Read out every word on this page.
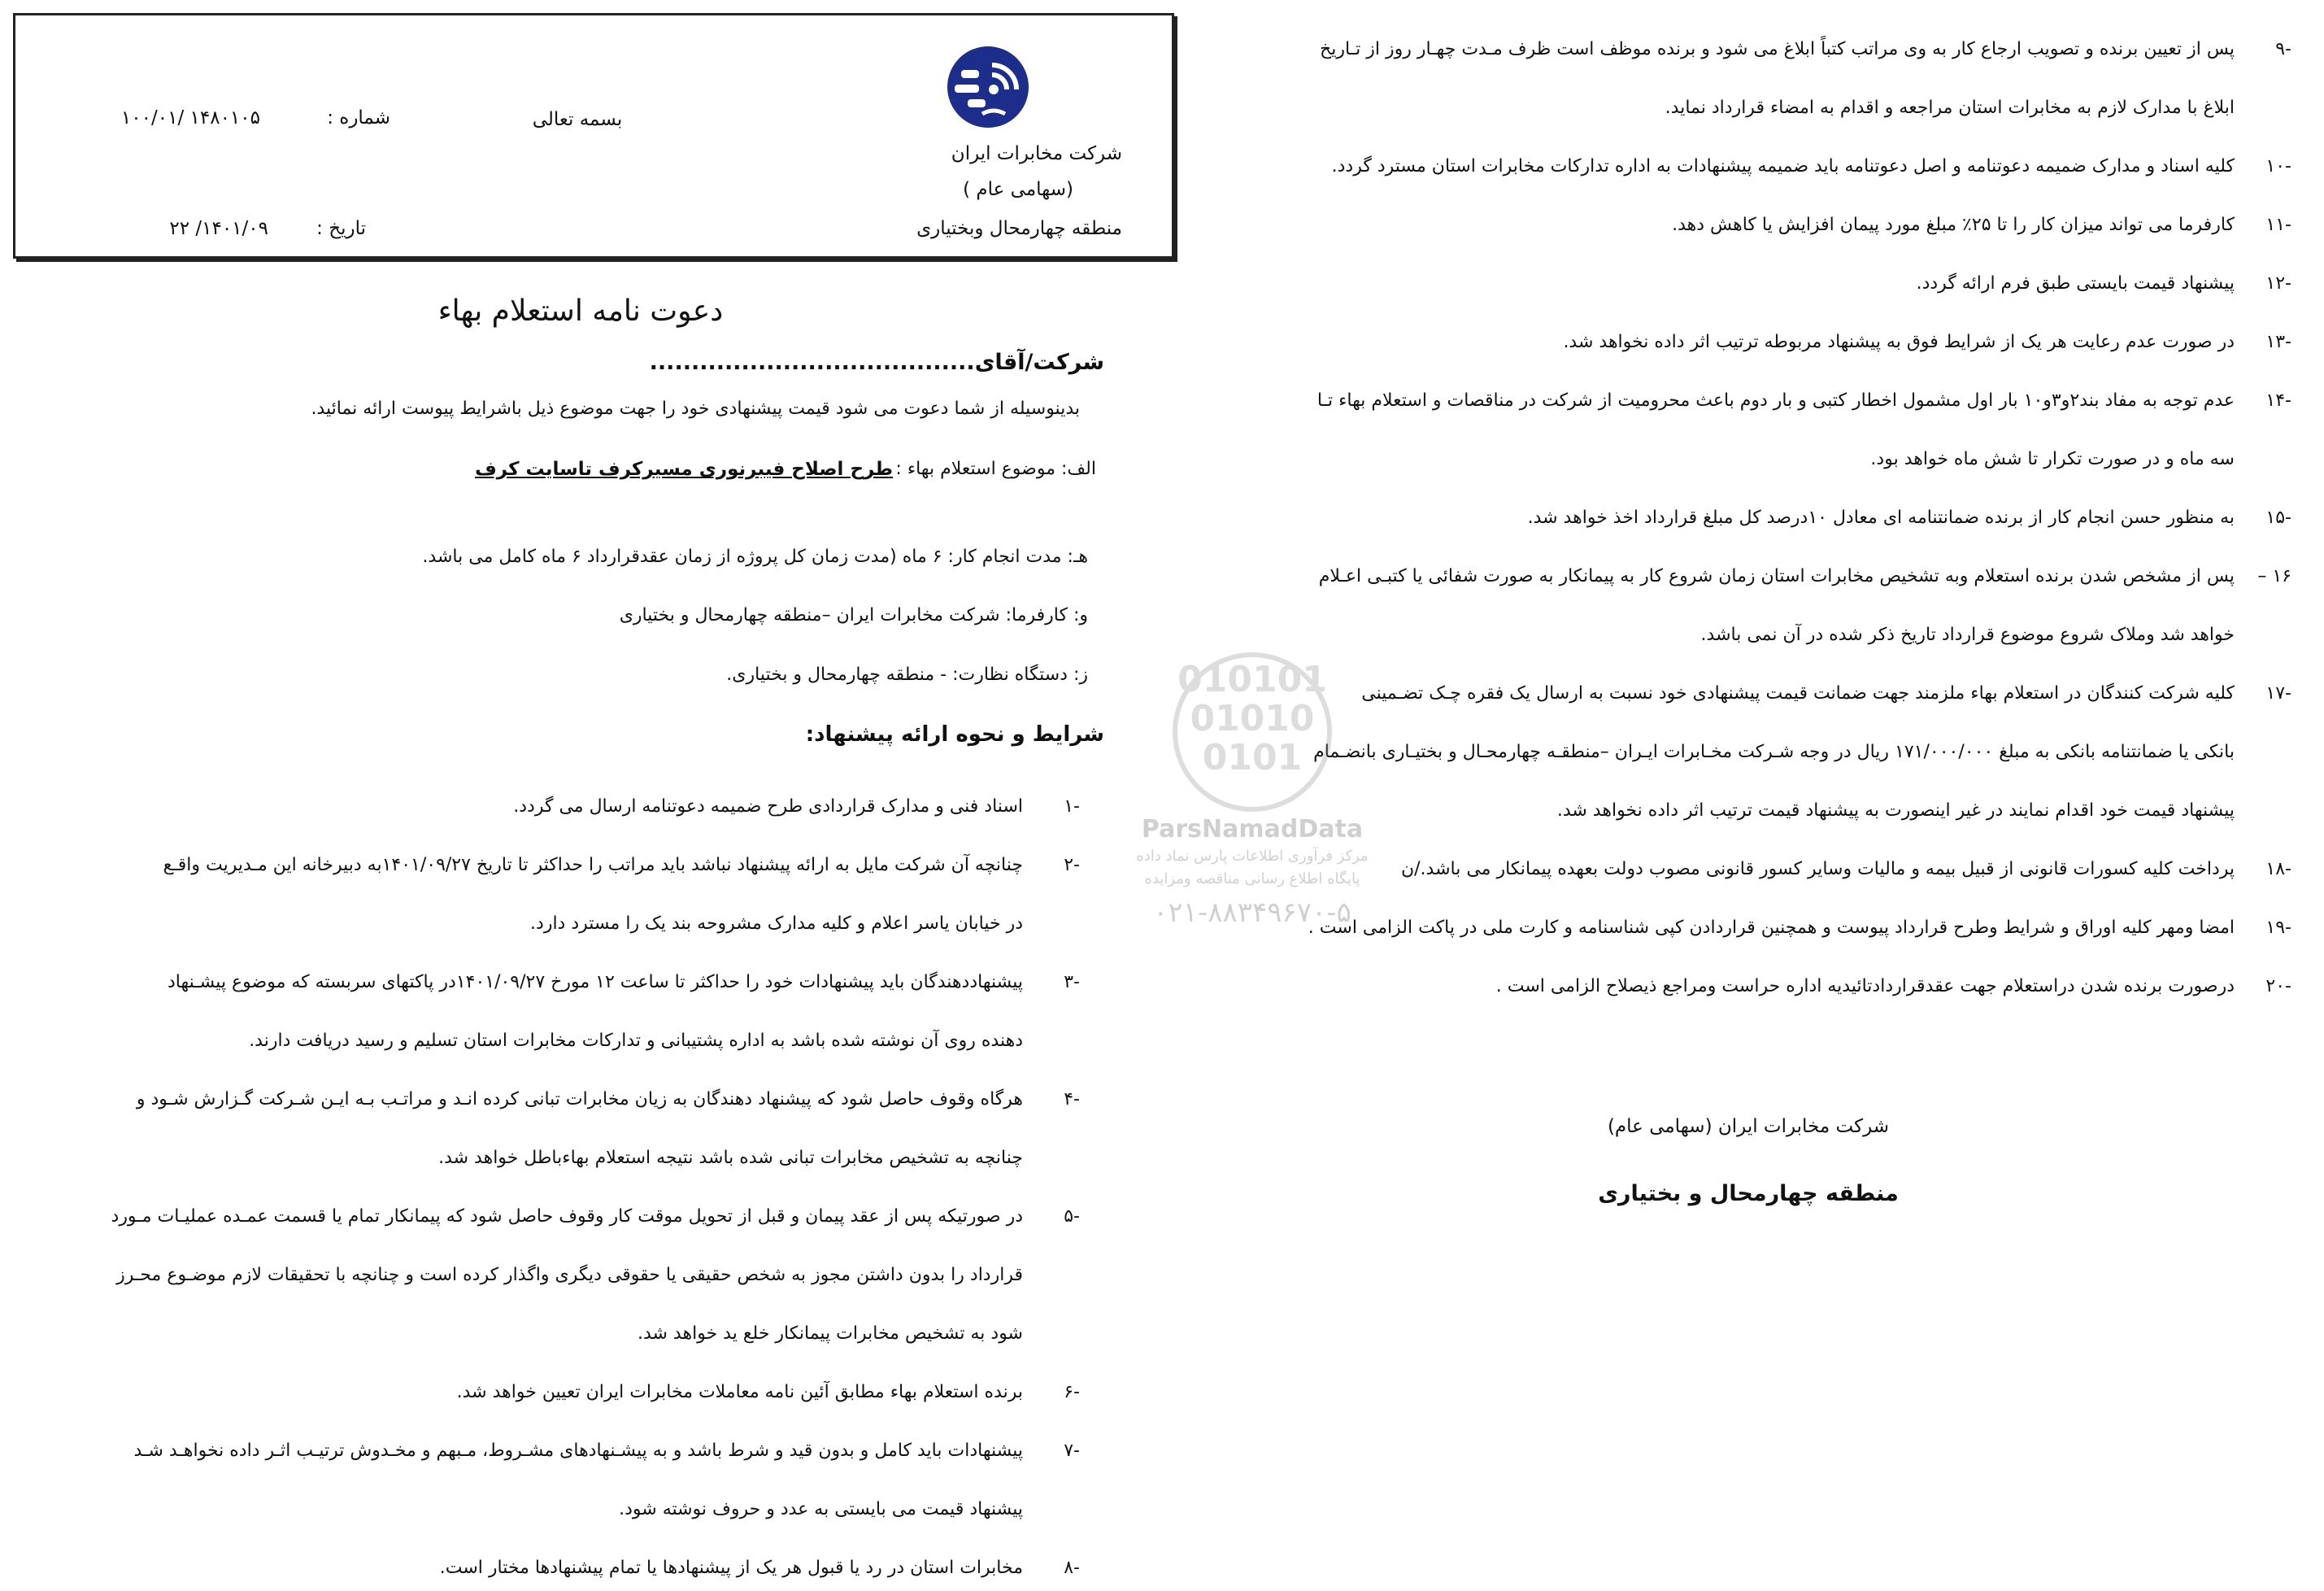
شرکت مخابرات ایران
(سهامی عام )
منطقه چهارمحال وبختیاری
بسمه تعالی
شماره :
۱۴۸۰۱۰۵ /۱۰۰/۰۱
تاریخ :
۱۴۰۱/۰۹/ ۲۲
دعوت نامه استعلام بهاء
شرکت/آقای.......................................
بدینوسیله از شما دعوت می شود قیمت پیشنهادی خود را جهت موضوع ذیل باشرایط پیوست ارائه نمائید.
الف: موضوع استعلام بهاء :
طرح اصلاح فیبرنوری مسیرکرف تاسایت کرف
هـ: مدت انجام کار: ۶ ماه (مدت زمان کل پروژه از زمان عقدقرارداد ۶ ماه کامل می باشد.
و: کارفرما: شرکت مخابرات ایران –منطقه چهارمحال و بختیاری
ز: دستگاه نظارت: - منطقه چهارمحال و بختیاری.
شرایط و نحوه ارائه پیشنهاد:
-۱
اسناد فنی و مدارک قراردادی طرح ضمیمه دعوتنامه ارسال می گردد.
-۲
چنانچه آن شرکت مایل به ارائه پیشنهاد نباشد باید مراتب را حداکثر تا تاریخ ۱۴۰۱/۰۹/۲۷به دبیرخانه این مـدیریت واقـع
در خیابان یاسر اعلام و کلیه مدارک مشروحه بند یک را مسترد دارد.
-۳
پیشنهاددهندگان باید پیشنهادات خود را حداکثر تا ساعت ۱۲ مورخ ۱۴۰۱/۰۹/۲۷در پاکتهای سربسته که موضوع پیشـنهاد
دهنده روی آن نوشته شده باشد به اداره پشتیبانی و تدارکات مخابرات استان تسلیم و رسید دریافت دارند.
-۴
هرگاه وقوف حاصل شود که پیشنهاد دهندگان به زیان مخابرات تبانی کرده انـد و مراتـب بـه ایـن شـرکت گـزارش شـود و
چنانچه به تشخیص مخابرات تبانی شده باشد نتیجه استعلام بهاءباطل خواهد شد.
-۵
در صورتیکه پس از عقد پیمان و قبل از تحویل موقت کار وقوف حاصل شود که پیمانکار تمام یا قسمت عمـده عملیـات مـورد
قرارداد را بدون داشتن مجوز به شخص حقیقی یا حقوقی دیگری واگذار کرده است و چنانچه با تحقیقات لازم موضـوع محـرز
شود به تشخیص مخابرات پیمانکار خلع ید خواهد شد.
-۶
برنده استعلام بهاء مطابق آئین نامه معاملات مخابرات ایران تعیین خواهد شد.
-۷
پیشنهادات باید کامل و بدون قید و شرط باشد و به پیشـنهادهای مشـروط، مـبهم و مخـدوش ترتیـب اثـر داده نخواهـد شـد
پیشنهاد قیمت می بایستی به عدد و حروف نوشته شود.
-۸
مخابرات استان در رد یا قبول هر یک از پیشنهادها یا تمام پیشنهادها مختار است.
-۹
پس از تعیین برنده و تصویب ارجاع کار به وی مراتب کتباً ابلاغ می شود و برنده موظف است ظرف مـدت چهـار روز از تـاریخ
ابلاغ با مدارک لازم به مخابرات استان مراجعه و اقدام به امضاء قرارداد نماید.
-۱۰
کلیه اسناد و مدارک ضمیمه دعوتنامه و اصل دعوتنامه باید ضمیمه پیشنهادات به اداره تدارکات مخابرات استان مسترد گردد.
-۱۱
کارفرما می تواند میزان کار را تا ۲۵٪ مبلغ مورد پیمان افزایش یا کاهش دهد.
-۱۲
پیشنهاد قیمت بایستی طبق فرم ارائه گردد.
-۱۳
در صورت عدم رعایت هر یک از شرایط فوق به پیشنهاد مربوطه ترتیب اثر داده نخواهد شد.
-۱۴
عدم توجه به مفاد بند۲و۳و۱۰ بار اول مشمول اخطار کتبی و بار دوم باعث محرومیت از شرکت در مناقصات و استعلام بهاء تـا
سه ماه و در صورت تکرار تا شش ماه خواهد بود.
-۱۵
به منظور حسن انجام کار از برنده ضمانتنامه ای معادل ۱۰درصد کل مبلغ قرارداد اخذ خواهد شد.
۱۶ –
پس از مشخص شدن برنده استعلام وبه تشخیص مخابرات استان زمان شروع کار به پیمانکار به صورت شفائی یا کتبـی اعـلام
خواهد شد وملاک شروع موضوع قرارداد تاریخ ذکر شده در آن نمی باشد.
-۱۷
کلیه شرکت کنندگان در استعلام بهاء ملزمند جهت ضمانت قیمت پیشنهادی خود نسبت به ارسال یک فقره چـک تضـمینی
بانکی یا ضمانتنامه بانکی به مبلغ ۱۷۱/۰۰۰/۰۰۰ ریال در وجه شـرکت مخـابرات ایـران –منطقـه چهارمحـال و بختیـاری بانضـمام
پیشنهاد قیمت خود اقدام نمایند در غیر اینصورت به پیشنهاد قیمت ترتیب اثر داده نخواهد شد.
-۱۸
پرداخت کلیه کسورات قانونی از قبیل بیمه و مالیات وسایر کسور قانونی مصوب دولت بعهده پیمانکار می باشد./ن
-۱۹
امضا ومهر کلیه اوراق و شرایط وطرح قرارداد پیوست و همچنین قراردادن کپی شناسنامه و کارت ملی در پاکت الزامی است .
-۲۰
درصورت برنده شدن دراستعلام جهت عقدقراردادتائیدیه اداره حراست ومراجع ذیصلاح الزامی است .
شرکت مخابرات ایران (سهامی عام)
منطقه چهارمحال و بختیاری
010101
01010
0101
ParsNamadData
مرکز فرآوری اطلاعات پارس نماد داده
پایگاه اطلاع رسانی مناقصه ومزایده
۰۲۱-۸۸۳۴۹۶۷۰-۵
